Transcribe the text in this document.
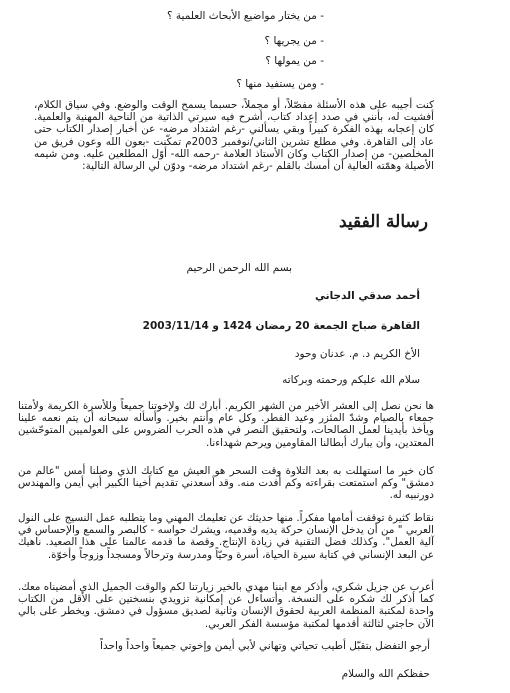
- من يختار مواضيع الأبحاث العلمية ؟
- من يجريها ؟
- من يمولها ؟
- ومن يستفيد منها ؟
كنت أجيبه على هذه الأسئلة مفصّلاً، أو مجملاً، حسبما يسمح الوقت والوضع. وفي سياق الكلام، أفشيت له، بأنني في صدد إعداد كتاب، أشرح فيه سيرتي الذاتية من الناحية المهنية والعلمية. كان إعجابه بهذه الفكرة كبيراً وبقي يسألني -رغم اشتداد مرضه- عن أخبار إصدار الكتاب حتى عاد إلى القاهرة. وفي مطلع تشرين الثاني/نوفمبر 2003م تمكّنت -بعون الله وعون فريق من المخلصين- من إصدار الكتاب وكان الأستاذ العلامة -رحمه الله- أوّل المطلعين عليه. ومن شيمه الأصيلة وهمّته العالية أن أمسك بالقلم -رغم اشتداد مرضه- ودوّن لي الرسالة التالية:
رسالة الفقيد
بسم الله الرحمن الرحيم
أحمد صدقي الدجاني
القاهرة صباح الجمعة 20 رمضان 1424 و 2003/11/14
الأخ الكريم د. م. عدنان وحود
سلام الله عليكم ورحمته وبركاته
ها نحن نصل إلى العشر الأخير من الشهر الكريم. أبارك لك ولإخوتنا جميعاً وللأسرة الكريمة ولأمتنا جمعاء بالصيام وشدّ المئزر وعيد الفطر. وكل عام وأنتم بخير. وأسأله سبحانه أن يتم نعمه علينا ويأخذ بأيدينا لعمل الصالحات، ولتحقيق النصر في هذه الحرب الضروس على العولميين المتوحّشين المعتدين، وأن يبارك أبطالنا المقاومين ويرحم شهداءنا.
كان خير ما استهللت به بعد التلاوة وقت السحر هو العيش مع كتابك الذي وصلنا أمس "عالم من دمشق" وكم استمتعت بقراءته وكم أفدت منه. وقد أسعدني تقديم أخينا الكبير أبي أيمن والمهندس دورنبيه له.
نقاط كثيرة توقفت أمامها مفكراً. منها حديثك عن تعليمك المهني وما يتطلبه عمل النسيج على النول العربي " من أن يدخل الإنسان حركة يديه وقدميه، ويشرك حواسه - كالبصر والسمع والإحساس في آلية العمل". وكذلك فضل التقنية في زيادة الإنتاج. وقصة ما قدمه عالمنا على هذا الصعيد. ناهيك عن البعد الإنساني في كتابة سيرة الحياة، أسرة وحيّاً ومدرسة وترحالاً ومسجداً وزوجاً وأخوّة.
أعرب عن جزيل شكري، وأذكر مع ابننا مهدي بالخير زيارتنا لكم والوقت الجميل الذي أمضيناه معك. كما أذكر لك شكره على النسخة. وأتساءل عن إمكانية تزويدي بنسختين على الأقل من الكتاب واحدة لمكتبة المنظمة العربية لحقوق الإنسان وثانية لصديق مسؤول في دمشق. ويخطر على بالي الآن حاجتي لثالثة أقدمها لمكتبة مؤسسة الفكر العربي.
أرجو التفضل بتقبّل أطيب تحياتي وتهاني لأبي أيمن وإخوتي جميعاً واحداً واحداً
حفظكم الله والسلام
